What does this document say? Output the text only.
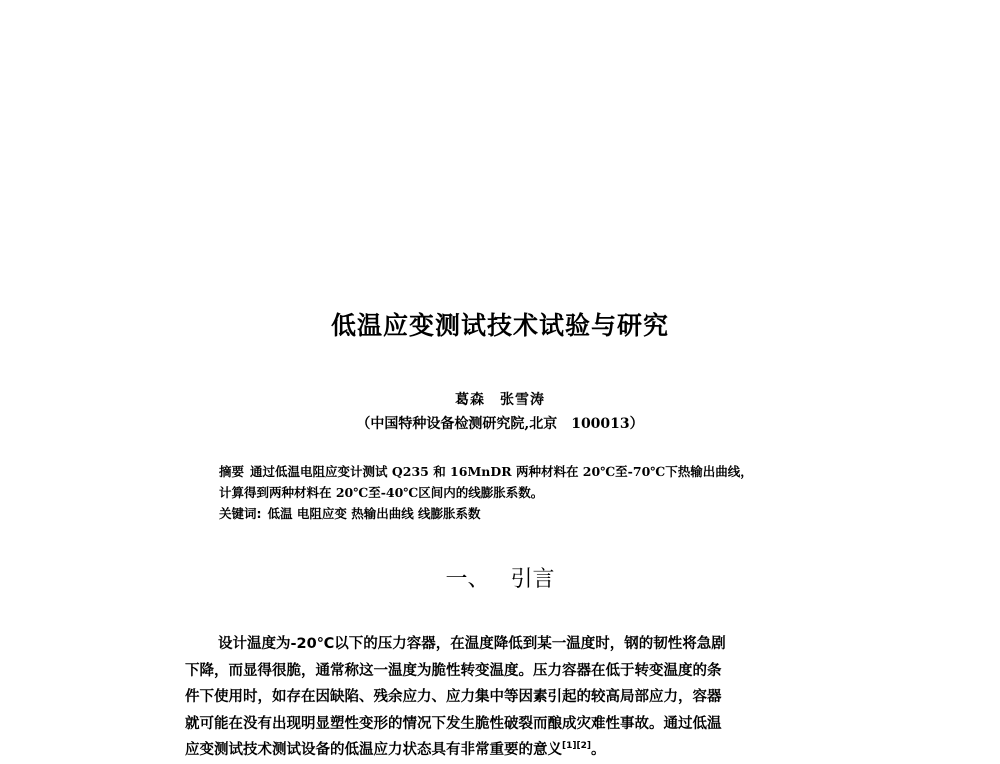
低温应变测试技术试验与研究
葛森　张雪涛
（中国特种设备检测研究院,北京　100013）

摘要 通过低温电阻应变计测试 Q235 和 16MnDR 两种材料在 20℃至-70℃下热输出曲线，

计算得到两种材料在 20℃至-40℃区间内的线膨胀系数。

关键词: 低温 电阻应变 热输出曲线 线膨胀系数

一、 引言

设计温度为-20℃以下的压力容器，在温度降低到某一温度时，钢的韧性将急剧

下降，而显得很脆，通常称这一温度为脆性转变温度。压力容器在低于转变温度的条

件下使用时，如存在因缺陷、残余应力、应力集中等因素引起的较高局部应力，容器

就可能在没有出现明显塑性变形的情况下发生脆性破裂而酿成灾难性事故。通过低温

应变测试技术测试设备的低温应力状态具有非常重要的意义[1][2]。
